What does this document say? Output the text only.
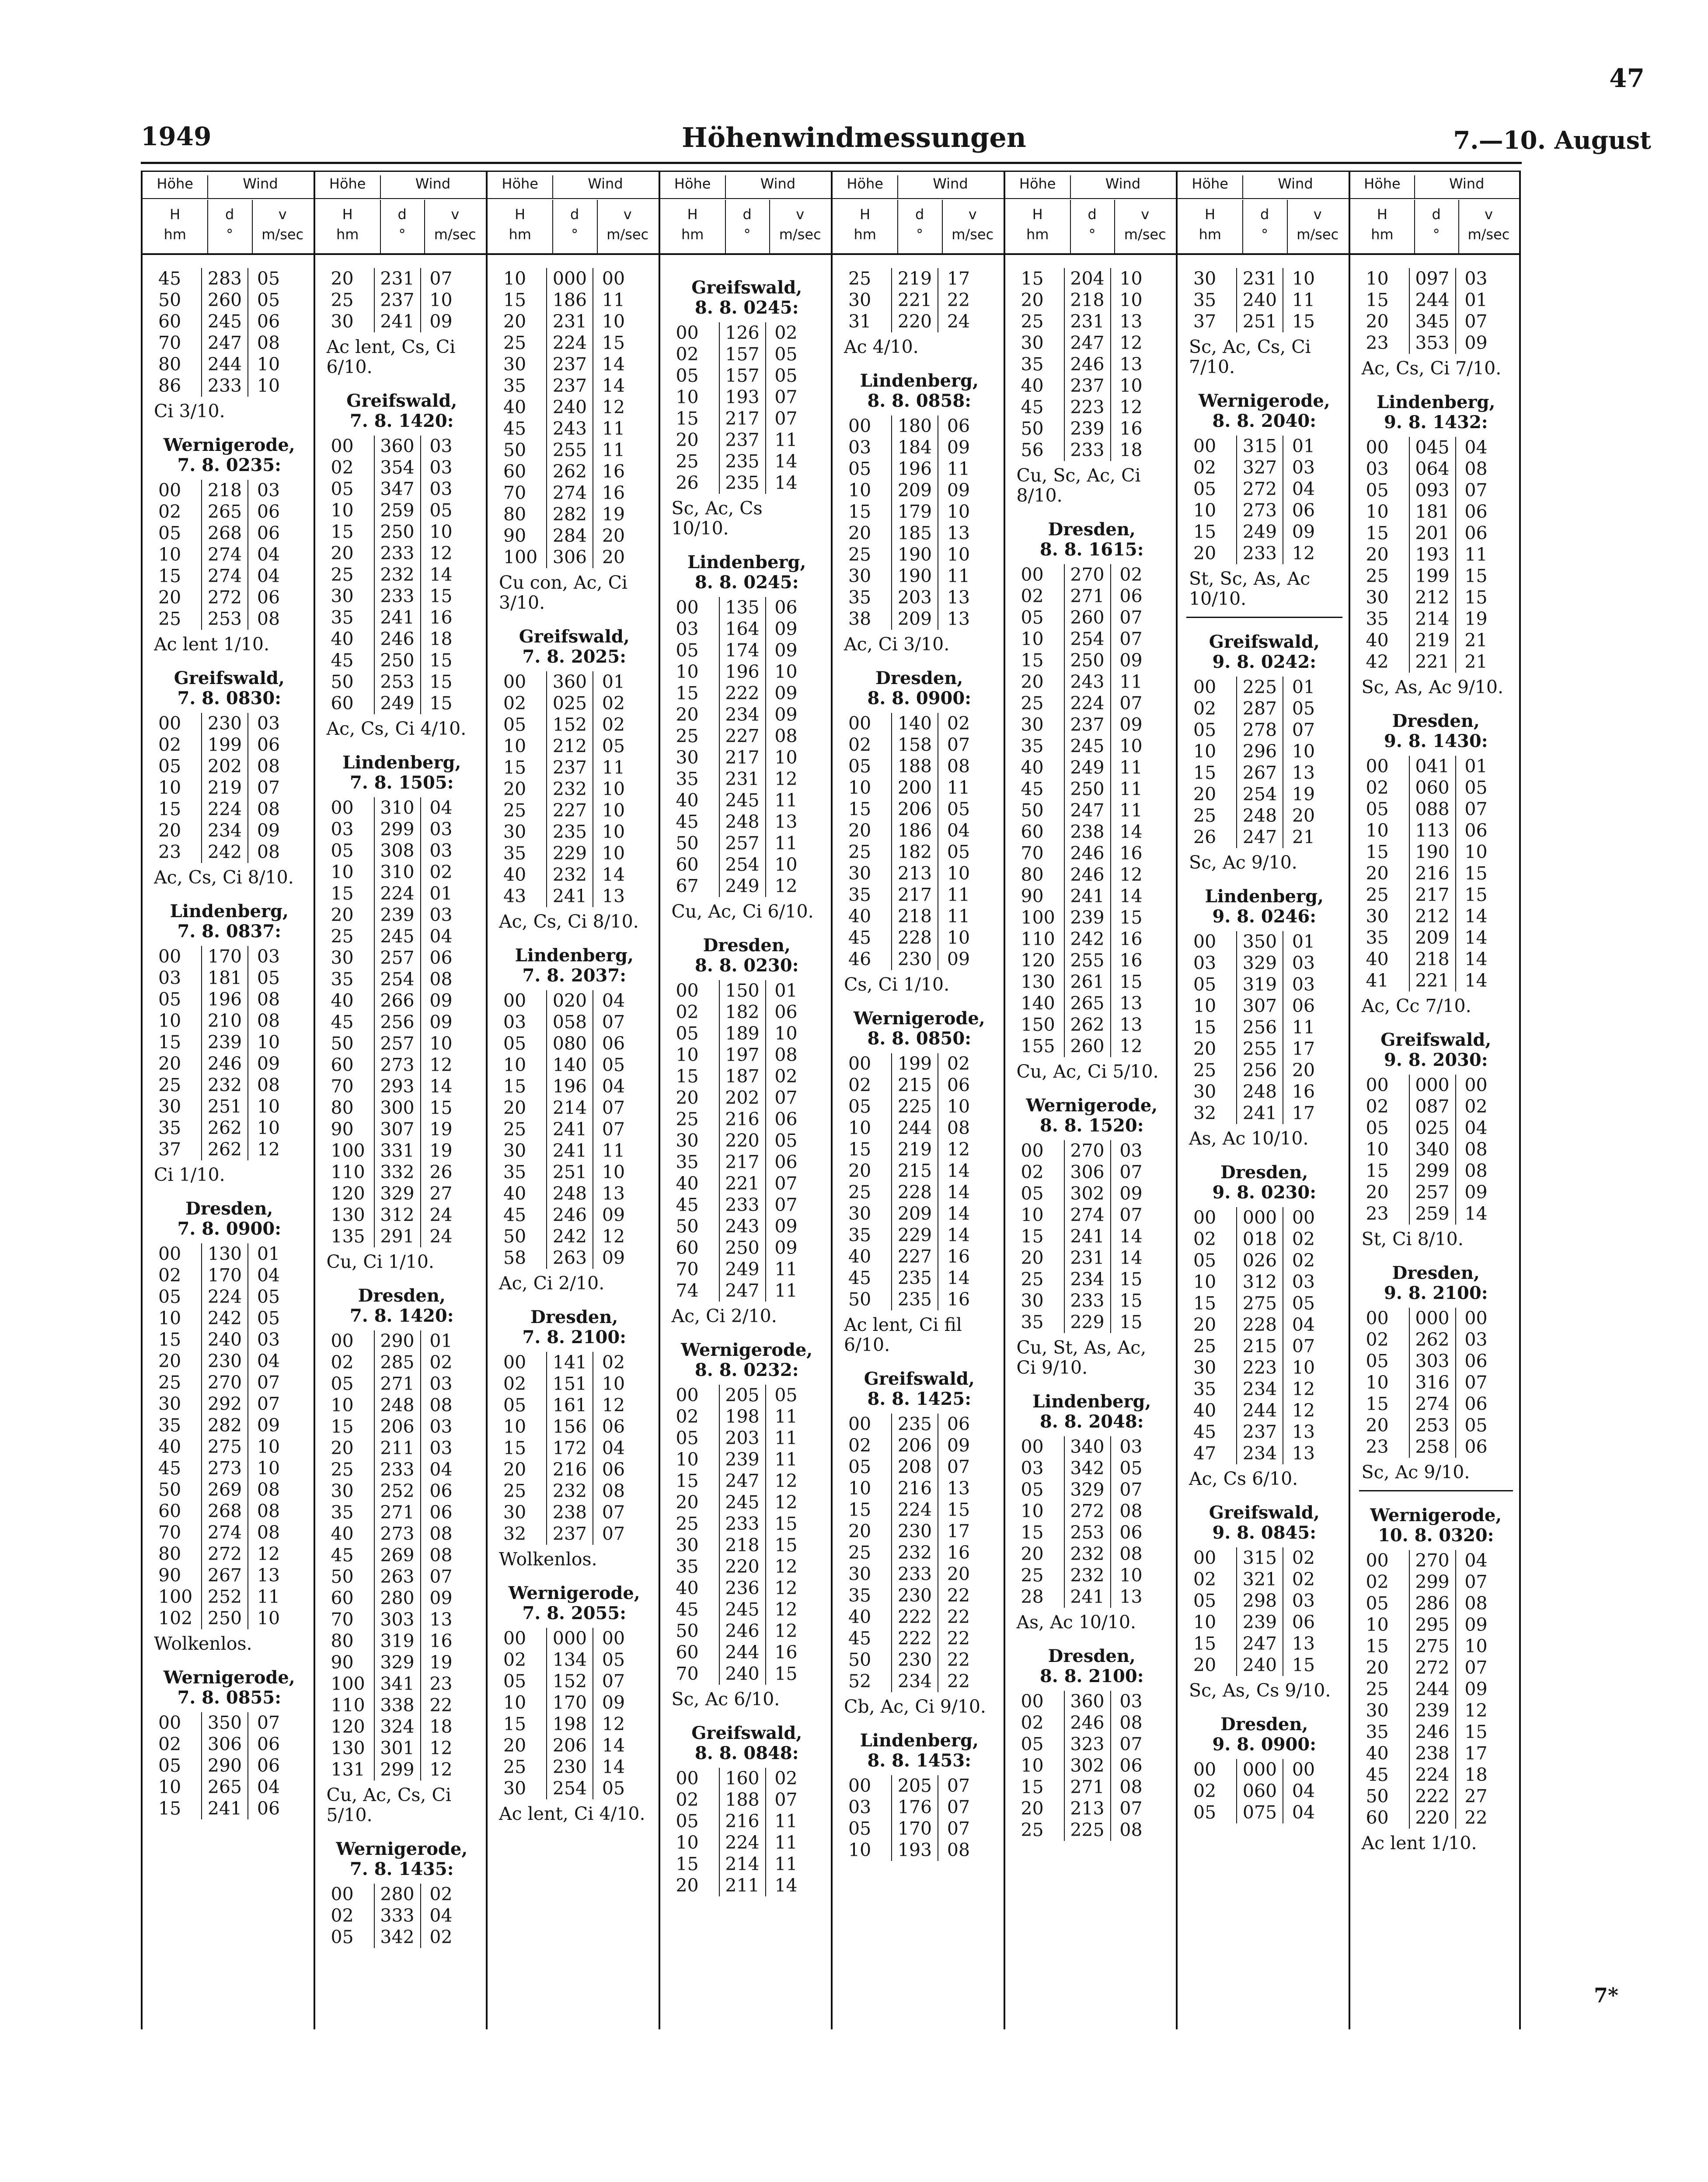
47
1949	Höhenwindmessungen	7.—10. August
Höhe	Wind
H
hm
d
°
v
m/sec
45	283	05
50	260	05
60	245	06
70	247	08
80	244	10
86	233	10
Ci 3/10.
Wernigerode,
7. 8. 0235:
00	218	03
02	265	06
05	268	06
10	274	04
15	274	04
20	272	06
25	253	08
Ac lent 1/10.
Greifswald,
7. 8. 0830:
00	230	03
02	199	06
05	202	08
10	219	07
15	224	08
20	234	09
23	242	08
Ac, Cs, Ci 8/10.
Lindenberg,
7. 8. 0837:
00	170	03
03	181	05
05	196	08
10	210	08
15	239	10
20	246	09
25	232	08
30	251	10
35	262	10
37	262	12
Ci 1/10.
Dresden,
7. 8. 0900:
00	130	01
02	170	04
05	224	05
10	242	05
15	240	03
20	230	04
25	270	07
30	292	07
35	282	09
40	275	10
45	273	10
50	269	08
60	268	08
70	274	08
80	272	12
90	267	13
100	252	11
102	250	10
Wolkenlos.
Wernigerode,
7. 8. 0855:
00	350	07
02	306	06
05	290	06
10	265	04
15	241	06
Höhe	Wind
H
hm
d
°
v
m/sec
20	231	07
25	237	10
30	241	09
Ac lent, Cs, Ci 6/10.
Greifswald,
7. 8. 1420:
00	360	03
02	354	03
05	347	03
10	259	05
15	250	10
20	233	12
25	232	14
30	233	15
35	241	16
40	246	18
45	250	15
50	253	15
60	249	15
Ac, Cs, Ci 4/10.
Lindenberg,
7. 8. 1505:
00	310	04
03	299	03
05	308	03
10	310	02
15	224	01
20	239	03
25	245	04
30	257	06
35	254	08
40	266	09
45	256	09
50	257	10
60	273	12
70	293	14
80	300	15
90	307	19
100	331	19
110	332	26
120	329	27
130	312	24
135	291	24
Cu, Ci 1/10.
Dresden,
7. 8. 1420:
00	290	01
02	285	02
05	271	03
10	248	08
15	206	03
20	211	03
25	233	04
30	252	06
35	271	06
40	273	08
45	269	08
50	263	07
60	280	09
70	303	13
80	319	16
90	329	19
100	341	23
110	338	22
120	324	18
130	301	12
131	299	12
Cu, Ac, Cs, Ci 5/10.
Wernigerode,
7. 8. 1435:
00	280	02
02	333	04
05	342	02
Höhe	Wind
H
hm
d
°
v
m/sec
10	000	00
15	186	11
20	231	10
25	224	15
30	237	14
35	237	14
40	240	12
45	243	11
50	255	11
60	262	16
70	274	16
80	282	19
90	284	20
100	306	20
Cu con, Ac, Ci 3/10.
Greifswald,
7. 8. 2025:
00	360	01
02	025	02
05	152	02
10	212	05
15	237	11
20	232	10
25	227	10
30	235	10
35	229	10
40	232	14
43	241	13
Ac, Cs, Ci 8/10.
Lindenberg,
7. 8. 2037:
00	020	04
03	058	07
05	080	06
10	140	05
15	196	04
20	214	07
25	241	07
30	241	11
35	251	10
40	248	13
45	246	09
50	242	12
58	263	09
Ac, Ci 2/10.
Dresden,
7. 8. 2100:
00	141	02
02	151	10
05	161	12
10	156	06
15	172	04
20	216	06
25	232	08
30	238	07
32	237	07
Wolkenlos.
Wernigerode,
7. 8. 2055:
00	000	00
02	134	05
05	152	07
10	170	09
15	198	12
20	206	14
25	230	14
30	254	05
Ac lent, Ci 4/10.
Höhe	Wind
H
hm
d
°
v
m/sec
Greifswald,
8. 8. 0245:
00	126	02
02	157	05
05	157	05
10	193	07
15	217	07
20	237	11
25	235	14
26	235	14
Sc, Ac, Cs 10/10.
Lindenberg,
8. 8. 0245:
00	135	06
03	164	09
05	174	09
10	196	10
15	222	09
20	234	09
25	227	08
30	217	10
35	231	12
40	245	11
45	248	13
50	257	11
60	254	10
67	249	12
Cu, Ac, Ci 6/10.
Dresden,
8. 8. 0230:
00	150	01
02	182	06
05	189	10
10	197	08
15	187	02
20	202	07
25	216	06
30	220	05
35	217	06
40	221	07
45	233	07
50	243	09
60	250	09
70	249	11
74	247	11
Ac, Ci 2/10.
Wernigerode,
8. 8. 0232:
00	205	05
02	198	11
05	203	11
10	239	11
15	247	12
20	245	12
25	233	15
30	218	15
35	220	12
40	236	12
45	245	12
50	246	12
60	244	16
70	240	15
Sc, Ac 6/10.
Greifswald,
8. 8. 0848:
00	160	02
02	188	07
05	216	11
10	224	11
15	214	11
20	211	14
Höhe	Wind
H
hm
d
°
v
m/sec
25	219	17
30	221	22
31	220	24
Ac 4/10.
Lindenberg,
8. 8. 0858:
00	180	06
03	184	09
05	196	11
10	209	09
15	179	10
20	185	13
25	190	10
30	190	11
35	203	13
38	209	13
Ac, Ci 3/10.
Dresden,
8. 8. 0900:
00	140	02
02	158	07
05	188	08
10	200	11
15	206	05
20	186	04
25	182	05
30	213	10
35	217	11
40	218	11
45	228	10
46	230	09
Cs, Ci 1/10.
Wernigerode,
8. 8. 0850:
00	199	02
02	215	06
05	225	10
10	244	08
15	219	12
20	215	14
25	228	14
30	209	14
35	229	14
40	227	16
45	235	14
50	235	16
Ac lent, Ci fil 6/10.
Greifswald,
8. 8. 1425:
00	235	06
02	206	09
05	208	07
10	216	13
15	224	15
20	230	17
25	232	16
30	233	20
35	230	22
40	222	22
45	222	22
50	230	22
52	234	22
Cb, Ac, Ci 9/10.
Lindenberg,
8. 8. 1453:
00	205	07
03	176	07
05	170	07
10	193	08
Höhe	Wind
H
hm
d
°
v
m/sec
15	204	10
20	218	10
25	231	13
30	247	12
35	246	13
40	237	10
45	223	12
50	239	16
56	233	18
Cu, Sc, Ac, Ci 8/10.
Dresden,
8. 8. 1615:
00	270	02
02	271	06
05	260	07
10	254	07
15	250	09
20	243	11
25	224	07
30	237	09
35	245	10
40	249	11
45	250	11
50	247	11
60	238	14
70	246	16
80	246	12
90	241	14
100	239	15
110	242	16
120	255	16
130	261	15
140	265	13
150	262	13
155	260	12
Cu, Ac, Ci 5/10.
Wernigerode,
8. 8. 1520:
00	270	03
02	306	07
05	302	09
10	274	07
15	241	14
20	231	14
25	234	15
30	233	15
35	229	15
Cu, St, As, Ac, Ci 9/10.
Lindenberg,
8. 8. 2048:
00	340	03
03	342	05
05	329	07
10	272	08
15	253	06
20	232	08
25	232	10
28	241	13
As, Ac 10/10.
Dresden,
8. 8. 2100:
00	360	03
02	246	08
05	323	07
10	302	06
15	271	08
20	213	07
25	225	08
Höhe	Wind
H
hm
d
°
v
m/sec
30	231	10
35	240	11
37	251	15
Sc, Ac, Cs, Ci 7/10.
Wernigerode,
8. 8. 2040:
00	315	01
02	327	03
05	272	04
10	273	06
15	249	09
20	233	12
St, Sc, As, Ac 10/10.
Greifswald,
9. 8. 0242:
00	225	01
02	287	05
05	278	07
10	296	10
15	267	13
20	254	19
25	248	20
26	247	21
Sc, Ac 9/10.
Lindenberg,
9. 8. 0246:
00	350	01
03	329	03
05	319	03
10	307	06
15	256	11
20	255	17
25	256	20
30	248	16
32	241	17
As, Ac 10/10.
Dresden,
9. 8. 0230:
00	000	00
02	018	02
05	026	02
10	312	03
15	275	05
20	228	04
25	215	07
30	223	10
35	234	12
40	244	12
45	237	13
47	234	13
Ac, Cs 6/10.
Greifswald,
9. 8. 0845:
00	315	02
02	321	02
05	298	03
10	239	06
15	247	13
20	240	15
Sc, As, Cs 9/10.
Dresden,
9. 8. 0900:
00	000	00
02	060	04
05	075	04
Höhe	Wind
H
hm
d
°
v
m/sec
10	097	03
15	244	01
20	345	07
23	353	09
Ac, Cs, Ci 7/10.
Lindenberg,
9. 8. 1432:
00	045	04
03	064	08
05	093	07
10	181	06
15	201	06
20	193	11
25	199	15
30	212	15
35	214	19
40	219	21
42	221	21
Sc, As, Ac 9/10.
Dresden,
9. 8. 1430:
00	041	01
02	060	05
05	088	07
10	113	06
15	190	10
20	216	15
25	217	15
30	212	14
35	209	14
40	218	14
41	221	14
Ac, Cc 7/10.
Greifswald,
9. 8. 2030:
00	000	00
02	087	02
05	025	04
10	340	08
15	299	08
20	257	09
23	259	14
St, Ci 8/10.
Dresden,
9. 8. 2100:
00	000	00
02	262	03
05	303	06
10	316	07
15	274	06
20	253	05
23	258	06
Sc, Ac 9/10.
Wernigerode,
10. 8. 0320:
00	270	04
02	299	07
05	286	08
10	295	09
15	275	10
20	272	07
25	244	09
30	239	12
35	246	15
40	238	17
45	224	18
50	222	27
60	220	22
Ac lent 1/10.
7*
